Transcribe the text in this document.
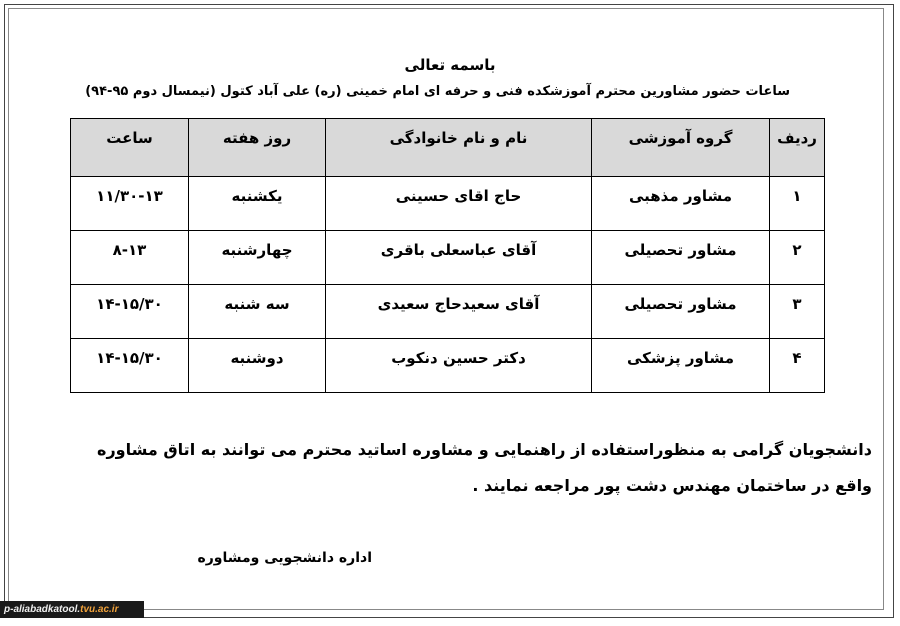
باسمه تعالی
ساعات حضور مشاورین محترم آموزشکده فنی و حرفه ای امام خمینی (ره) علی آباد کتول (نیمسال دوم ۹۵-۹۴)
ردیف	گروه آموزشی	نام و نام خانوادگی	روز هفته	ساعت
۱	مشاور مذهبی	حاج اقای حسینی	یکشنبه	۱۱/۳۰-۱۳
۲	مشاور تحصیلی	آقای عباسعلی باقری	چهارشنبه	۸-۱۳
۳	مشاور تحصیلی	آقای سعیدحاج سعیدی	سه شنبه	۱۴-۱۵/۳۰
۴	مشاور پزشکی	دکتر حسین دنکوب	دوشنبه	۱۴-۱۵/۳۰
دانشجویان گرامی به منظوراستفاده از راهنمایی و مشاوره اساتید محترم می توانند به اتاق مشاوره
واقع در ساختمان مهندس دشت پور مراجعه نمایند .
اداره دانشجویی ومشاوره
p-aliabadkatool.tvu.ac.ir
